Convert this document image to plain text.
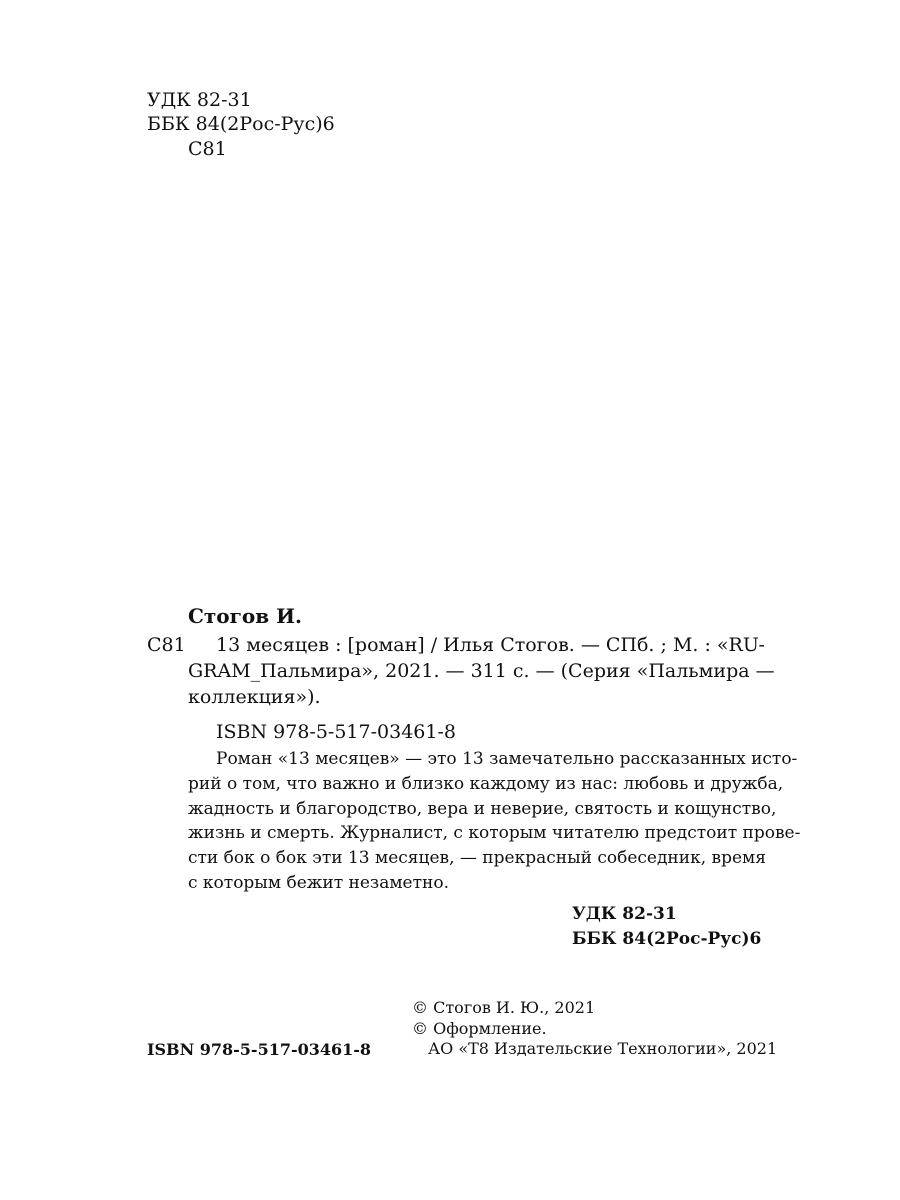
УДК 82-31
ББК 84(2Рос-Рус)6
С81
Стогов И.
С81 13 месяцев : [роман] / Илья Стогов. — СПб. ; М. : «RU-
GRAM_Пальмира», 2021. — 311 с. — (Серия «Пальмира —
коллекция»).
ISBN 978-5-517-03461-8
Роман «13 месяцев» — это 13 замечательно рассказанных исто-
рий о том, что важно и близко каждому из нас: любовь и дружба,
жадность и благородство, вера и неверие, святость и кощунство,
жизнь и смерть. Журналист, с которым читателю предстоит прове-
сти бок о бок эти 13 месяцев, — прекрасный собеседник, время
с которым бежит незаметно.
УДК 82-31
ББК 84(2Рос-Рус)6
© Стогов И. Ю., 2021
© Оформление.
АО «Т8 Издательские Технологии», 2021
ISBN 978-5-517-03461-8
